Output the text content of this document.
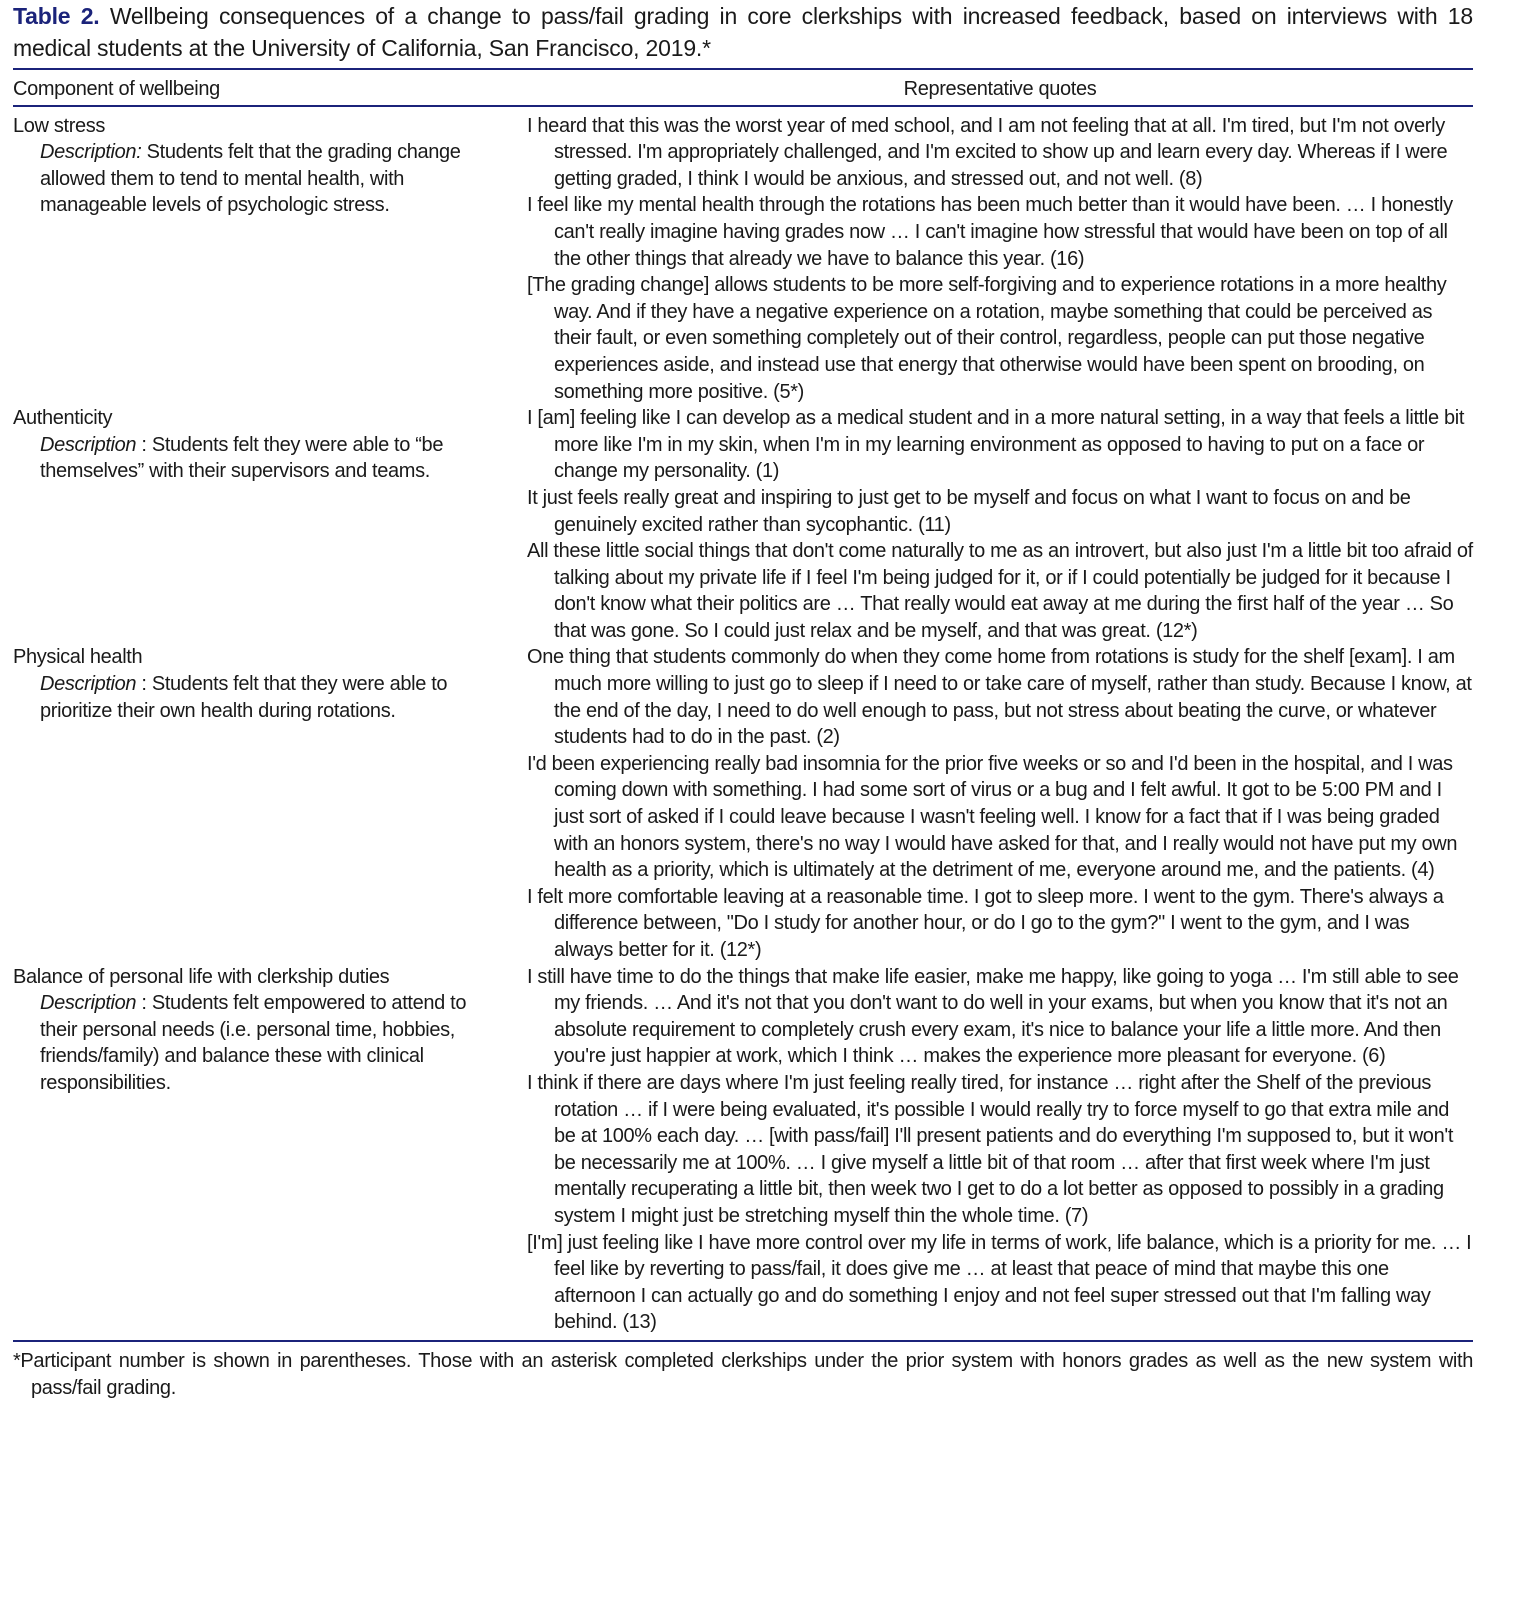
Table 2. Wellbeing consequences of a change to pass/fail grading in core clerkships with increased feedback, based on interviews with 18 medical students at the University of California, San Francisco, 2019.*
Component of wellbeing	Representative quotes
Low stress
Description: Students felt that the grading change allowed them to tend to mental health, with manageable levels of psychologic stress.
I heard that this was the worst year of med school, and I am not feeling that at all. I'm tired, but I'm not overly stressed. I'm appropriately challenged, and I'm excited to show up and learn every day. Whereas if I were getting graded, I think I would be anxious, and stressed out, and not well. (8)
I feel like my mental health through the rotations has been much better than it would have been. … I honestly can't really imagine having grades now … I can't imagine how stressful that would have been on top of all the other things that already we have to balance this year. (16)
[The grading change] allows students to be more self-forgiving and to experience rotations in a more healthy way. And if they have a negative experience on a rotation, maybe something that could be perceived as their fault, or even something completely out of their control, regardless, people can put those negative experiences aside, and instead use that energy that otherwise would have been spent on brooding, on something more positive. (5*)
Authenticity
Description : Students felt they were able to “be themselves” with their supervisors and teams.
I [am] feeling like I can develop as a medical student and in a more natural setting, in a way that feels a little bit more like I'm in my skin, when I'm in my learning environment as opposed to having to put on a face or change my personality. (1)
It just feels really great and inspiring to just get to be myself and focus on what I want to focus on and be genuinely excited rather than sycophantic. (11)
All these little social things that don't come naturally to me as an introvert, but also just I'm a little bit too afraid of talking about my private life if I feel I'm being judged for it, or if I could potentially be judged for it because I don't know what their politics are … That really would eat away at me during the first half of the year … So that was gone. So I could just relax and be myself, and that was great. (12*)
Physical health
Description : Students felt that they were able to prioritize their own health during rotations.
One thing that students commonly do when they come home from rotations is study for the shelf [exam]. I am much more willing to just go to sleep if I need to or take care of myself, rather than study. Because I know, at the end of the day, I need to do well enough to pass, but not stress about beating the curve, or whatever students had to do in the past. (2)
I'd been experiencing really bad insomnia for the prior five weeks or so and I'd been in the hospital, and I was coming down with something. I had some sort of virus or a bug and I felt awful. It got to be 5:00 PM and I just sort of asked if I could leave because I wasn't feeling well. I know for a fact that if I was being graded with an honors system, there's no way I would have asked for that, and I really would not have put my own health as a priority, which is ultimately at the detriment of me, everyone around me, and the patients. (4)
I felt more comfortable leaving at a reasonable time. I got to sleep more. I went to the gym. There's always a difference between, "Do I study for another hour, or do I go to the gym?" I went to the gym, and I was always better for it. (12*)
Balance of personal life with clerkship duties
Description : Students felt empowered to attend to their personal needs (i.e. personal time, hobbies, friends/family) and balance these with clinical responsibilities.
I still have time to do the things that make life easier, make me happy, like going to yoga … I'm still able to see my friends. … And it's not that you don't want to do well in your exams, but when you know that it's not an absolute requirement to completely crush every exam, it's nice to balance your life a little more. And then you're just happier at work, which I think … makes the experience more pleasant for everyone. (6)
I think if there are days where I'm just feeling really tired, for instance … right after the Shelf of the previous rotation … if I were being evaluated, it's possible I would really try to force myself to go that extra mile and be at 100% each day. … [with pass/fail] I'll present patients and do everything I'm supposed to, but it won't be necessarily me at 100%. … I give myself a little bit of that room … after that first week where I'm just mentally recuperating a little bit, then week two I get to do a lot better as opposed to possibly in a grading system I might just be stretching myself thin the whole time. (7)
[I'm] just feeling like I have more control over my life in terms of work, life balance, which is a priority for me. … I feel like by reverting to pass/fail, it does give me … at least that peace of mind that maybe this one afternoon I can actually go and do something I enjoy and not feel super stressed out that I'm falling way behind. (13)
*Participant number is shown in parentheses. Those with an asterisk completed clerkships under the prior system with honors grades as well as the new system with pass/fail grading.
